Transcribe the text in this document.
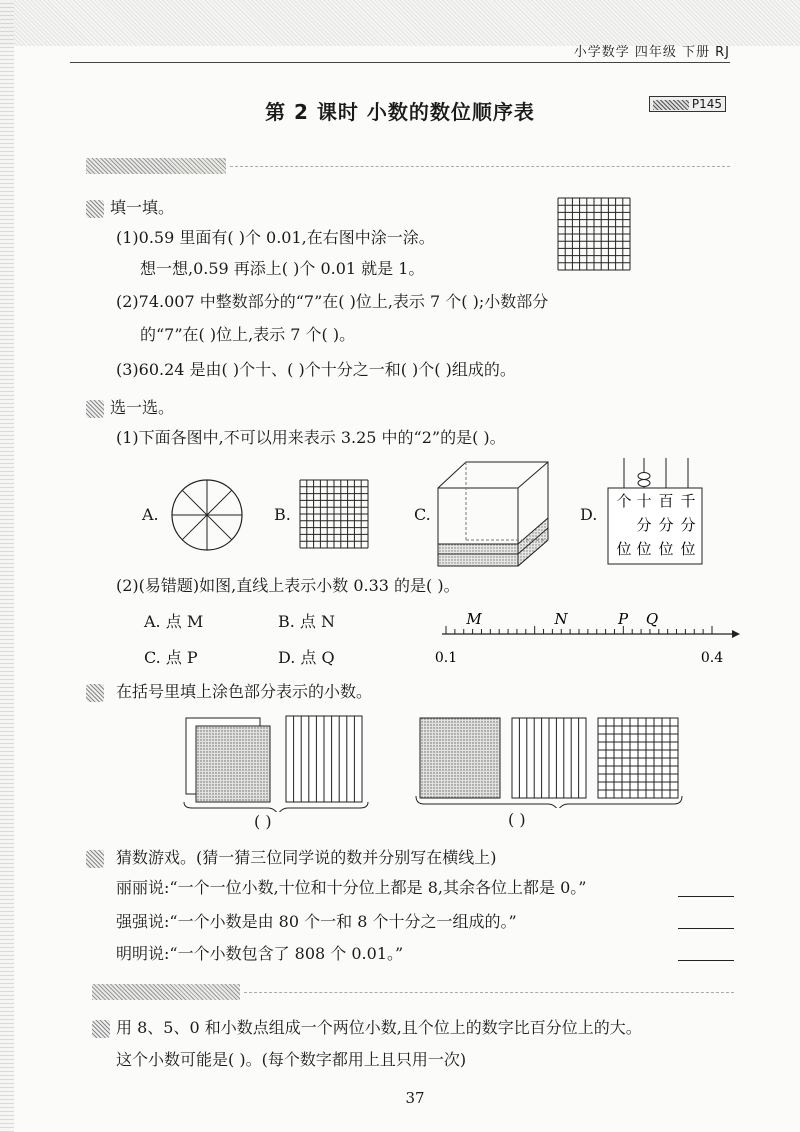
小学数学 四年级 下册 RJ
第 2 课时 小数的数位顺序表	P145
填一填。
(1)0.59 里面有( )个 0.01,在右图中涂一涂。
想一想,0.59 再添上( )个 0.01 就是 1。
(2)74.007 中整数部分的“7”在( )位上,表示 7 个( );小数部分
的“7”在( )位上,表示 7 个( )。
(3)60.24 是由( )个十、( )个十分之一和( )个( )组成的。
选一选。
(1)下面各图中,不可以用来表示 3.25 中的“2”的是( )。
A.	B.	C.	D.
个 十 百 千
分 分 分
位 位 位 位
(2)(易错题)如图,直线上表示小数 0.33 的是( )。
A. 点 M	B. 点 N
C. 点 P	D. 点 Q
M	N	P Q
0.1	0.4
在括号里填上涂色部分表示的小数。
( )	( )
猜数游戏。(猜一猜三位同学说的数并分别写在横线上)
丽丽说:“一个一位小数,十位和十分位上都是 8,其余各位上都是 0。”
强强说:“一个小数是由 80 个一和 8 个十分之一组成的。”
明明说:“一个小数包含了 808 个 0.01。”
用 8、5、0 和小数点组成一个两位小数,且个位上的数字比百分位上的大。
这个小数可能是( )。(每个数字都用上且只用一次)
37
